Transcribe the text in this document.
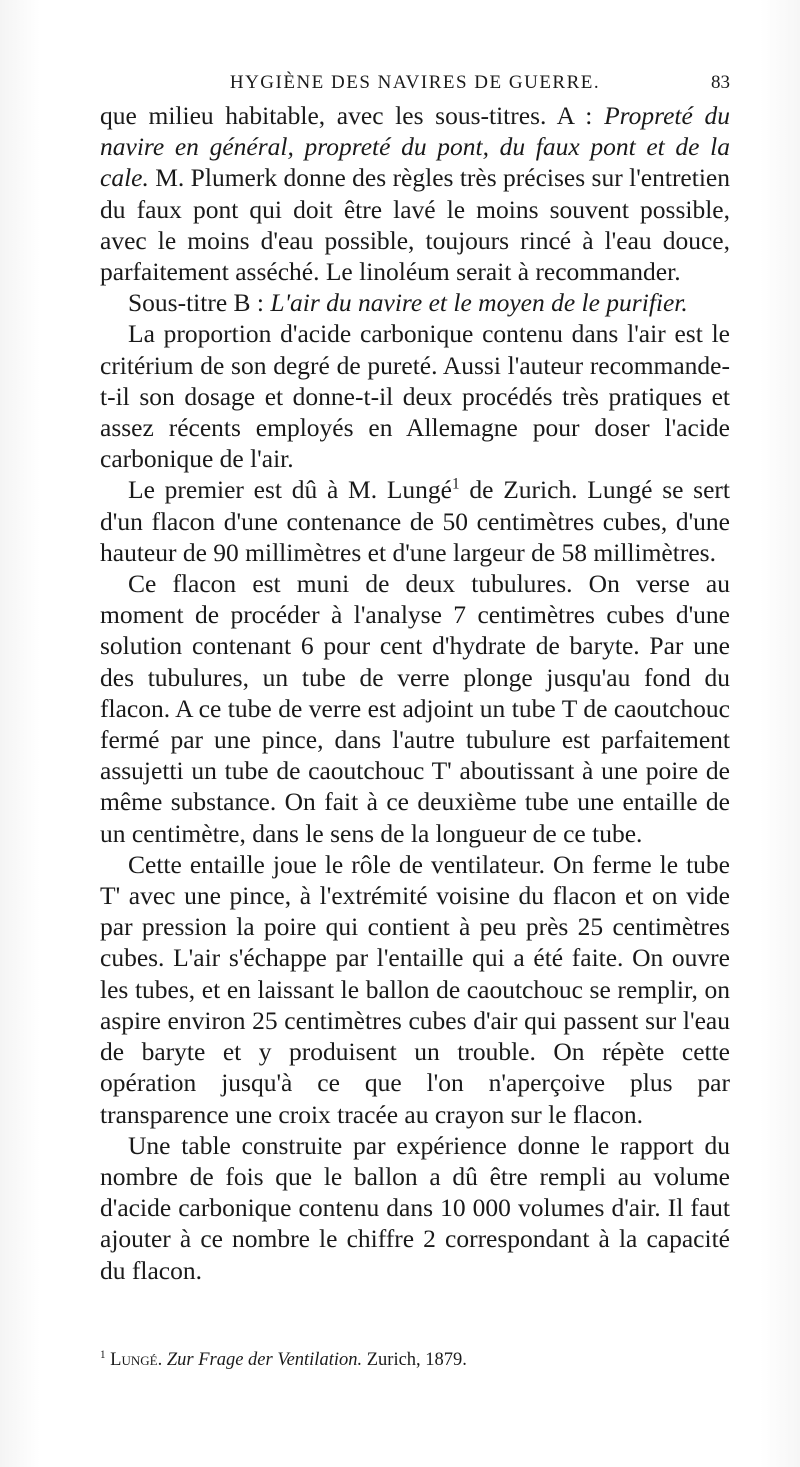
HYGIÈNE DES NAVIRES DE GUERRE.	83

que milieu habitable, avec les sous-titres. A : Propreté du navire en général, propreté du pont, du faux pont et de la cale. M. Plumerk donne des règles très précises sur l'entretien du faux pont qui doit être lavé le moins souvent possible, avec le moins d'eau possible, toujours rincé à l'eau douce, parfaitement asséché. Le linoléum serait à recommander.

Sous-titre B : L'air du navire et le moyen de le purifier.

La proportion d'acide carbonique contenu dans l'air est le critérium de son degré de pureté. Aussi l'auteur recommande-t-il son dosage et donne-t-il deux procédés très pratiques et assez récents employés en Allemagne pour doser l'acide carbonique de l'air.

Le premier est dû à M. Lungé$^1$ de Zurich. Lungé se sert d'un flacon d'une contenance de 50 centimètres cubes, d'une hauteur de 90 millimètres et d'une largeur de 58 millimètres.

Ce flacon est muni de deux tubulures. On verse au moment de procéder à l'analyse 7 centimètres cubes d'une solution contenant 6 pour cent d'hydrate de baryte. Par une des tubulures, un tube de verre plonge jusqu'au fond du flacon. A ce tube de verre est adjoint un tube T de caoutchouc fermé par une pince, dans l'autre tubulure est parfaitement assujetti un tube de caoutchouc T' aboutissant à une poire de même substance. On fait à ce deuxième tube une entaille de un centimètre, dans le sens de la longueur de ce tube.

Cette entaille joue le rôle de ventilateur. On ferme le tube T' avec une pince, à l'extrémité voisine du flacon et on vide par pression la poire qui contient à peu près 25 centimètres cubes. L'air s'échappe par l'entaille qui a été faite. On ouvre les tubes, et en laissant le ballon de caoutchouc se remplir, on aspire environ 25 centimètres cubes d'air qui passent sur l'eau de baryte et y produisent un trouble. On répète cette opération jusqu'à ce que l'on n'aperçoive plus par transparence une croix tracée au crayon sur le flacon.

Une table construite par expérience donne le rapport du nombre de fois que le ballon a dû être rempli au volume d'acide carbonique contenu dans 10 000 volumes d'air. Il faut ajouter à ce nombre le chiffre 2 correspondant à la capacité du flacon.

$^1$ Lungé. Zur Frage der Ventilation. Zurich, 1879.
